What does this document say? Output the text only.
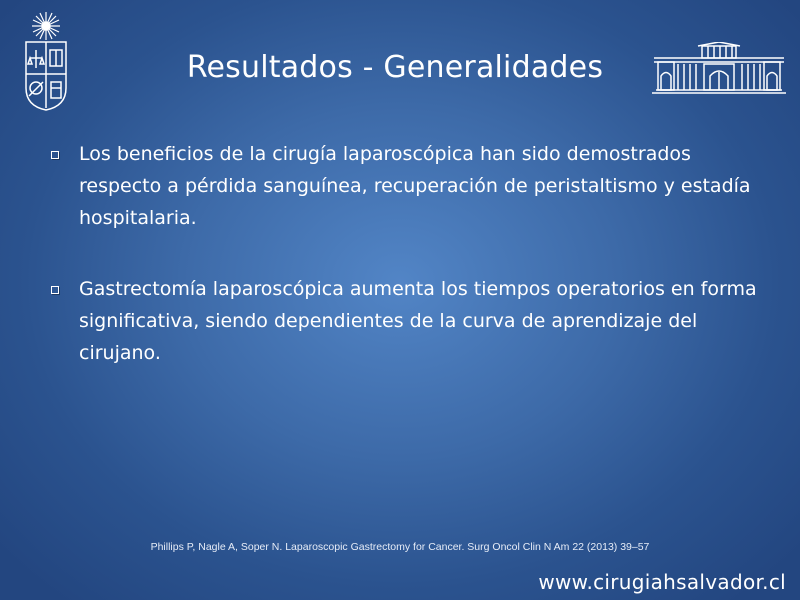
Resultados - Generalidades
Los beneficios de la cirugía laparoscópica han sido demostrados respecto a pérdida sanguínea, recuperación de peristaltismo y estadía hospitalaria.
Gastrectomía laparoscópica aumenta los tiempos operatorios en forma significativa, siendo dependientes de la curva de aprendizaje del cirujano.
Phillips P, Nagle A, Soper N. Laparoscopic Gastrectomy for Cancer. Surg Oncol Clin N Am 22 (2013) 39–57
www.cirugiahsalvador.cl
